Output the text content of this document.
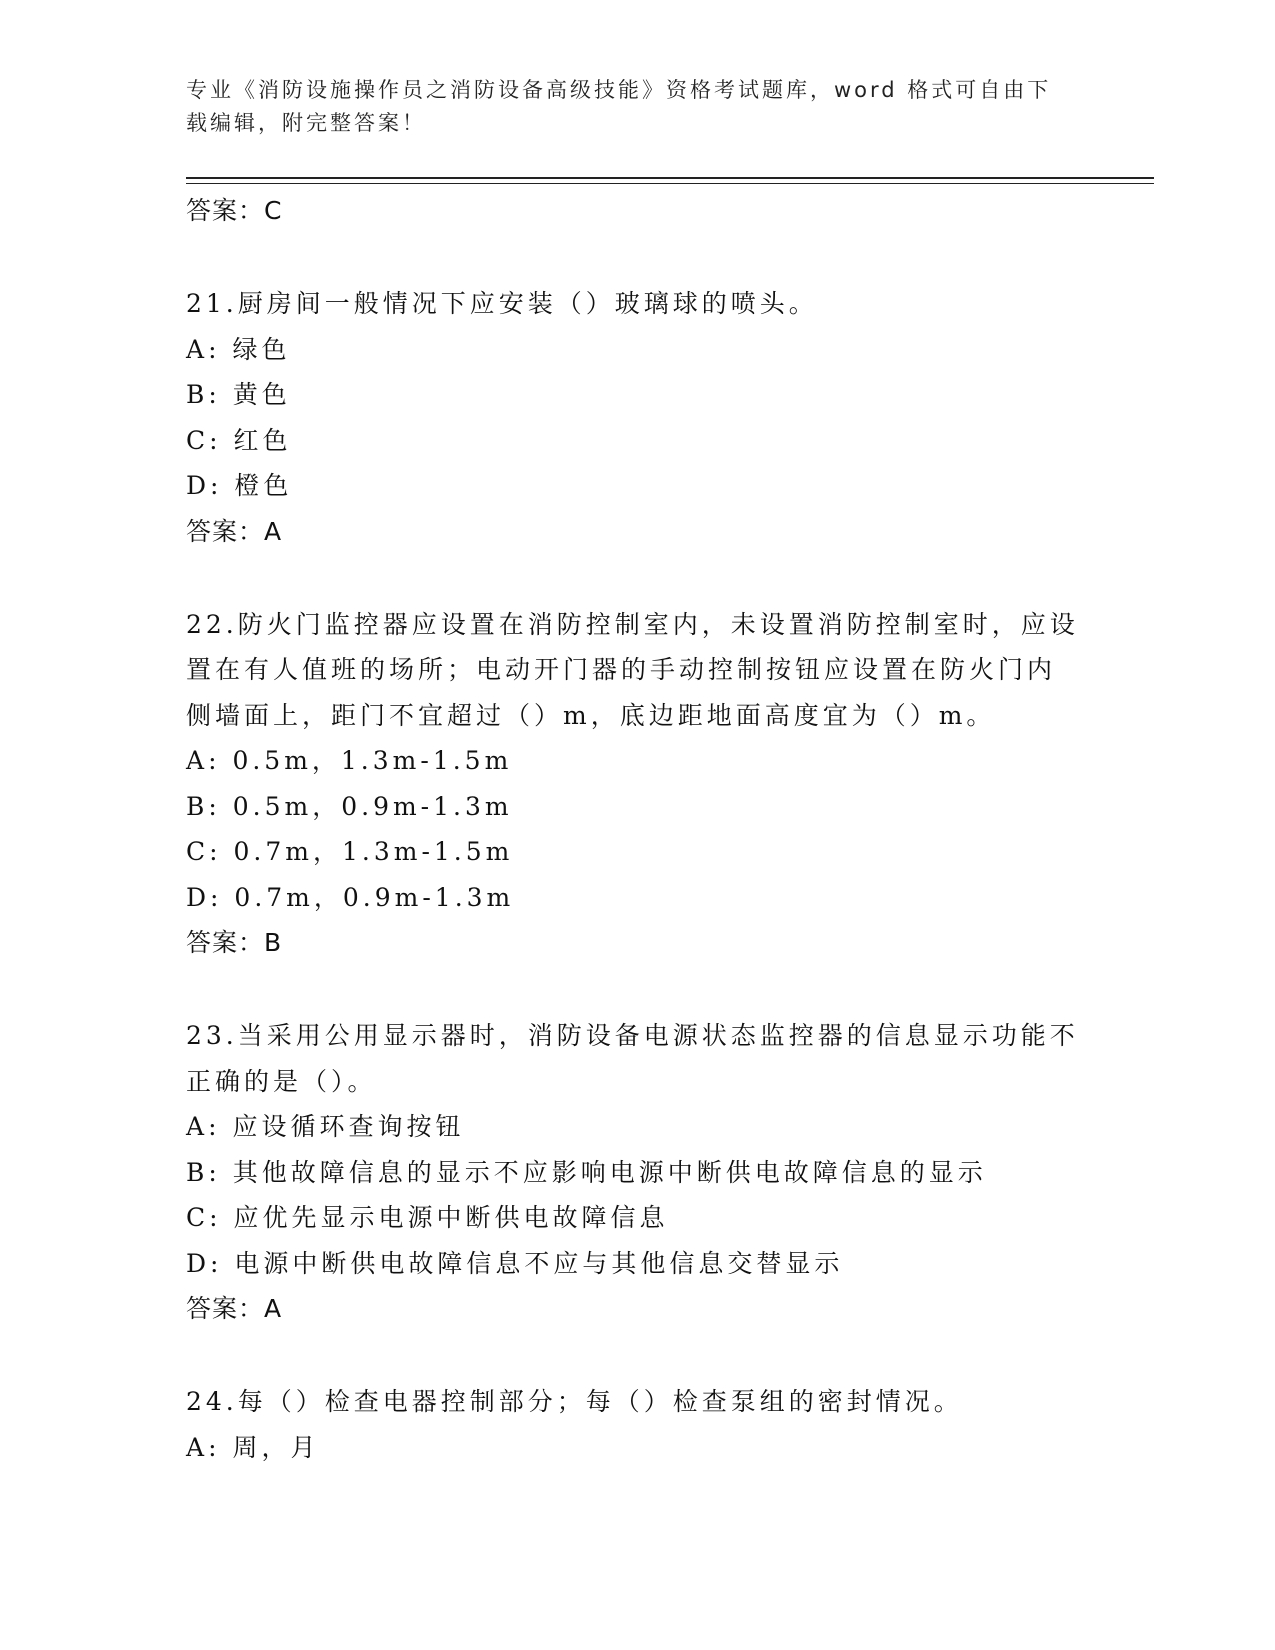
专业《消防设施操作员之消防设备高级技能》资格考试题库，word 格式可自由下
载编辑，附完整答案！
答案：C
21.厨房间一般情况下应安装（）玻璃球的喷头。
A: 绿色
B: 黄色
C: 红色
D: 橙色
答案：A
22.防火门监控器应设置在消防控制室内，未设置消防控制室时，应设
置在有人值班的场所；电动开门器的手动控制按钮应设置在防火门内
侧墙面上，距门不宜超过（）m，底边距地面高度宜为（）m。
A: 0.5m，1.3m-1.5m
B: 0.5m，0.9m-1.3m
C: 0.7m，1.3m-1.5m
D: 0.7m，0.9m-1.3m
答案：B
23.当采用公用显示器时，消防设备电源状态监控器的信息显示功能不
正确的是（）。
A: 应设循环查询按钮
B: 其他故障信息的显示不应影响电源中断供电故障信息的显示
C: 应优先显示电源中断供电故障信息
D: 电源中断供电故障信息不应与其他信息交替显示
答案：A
24.每（）检查电器控制部分；每（）检查泵组的密封情况。
A: 周，月
